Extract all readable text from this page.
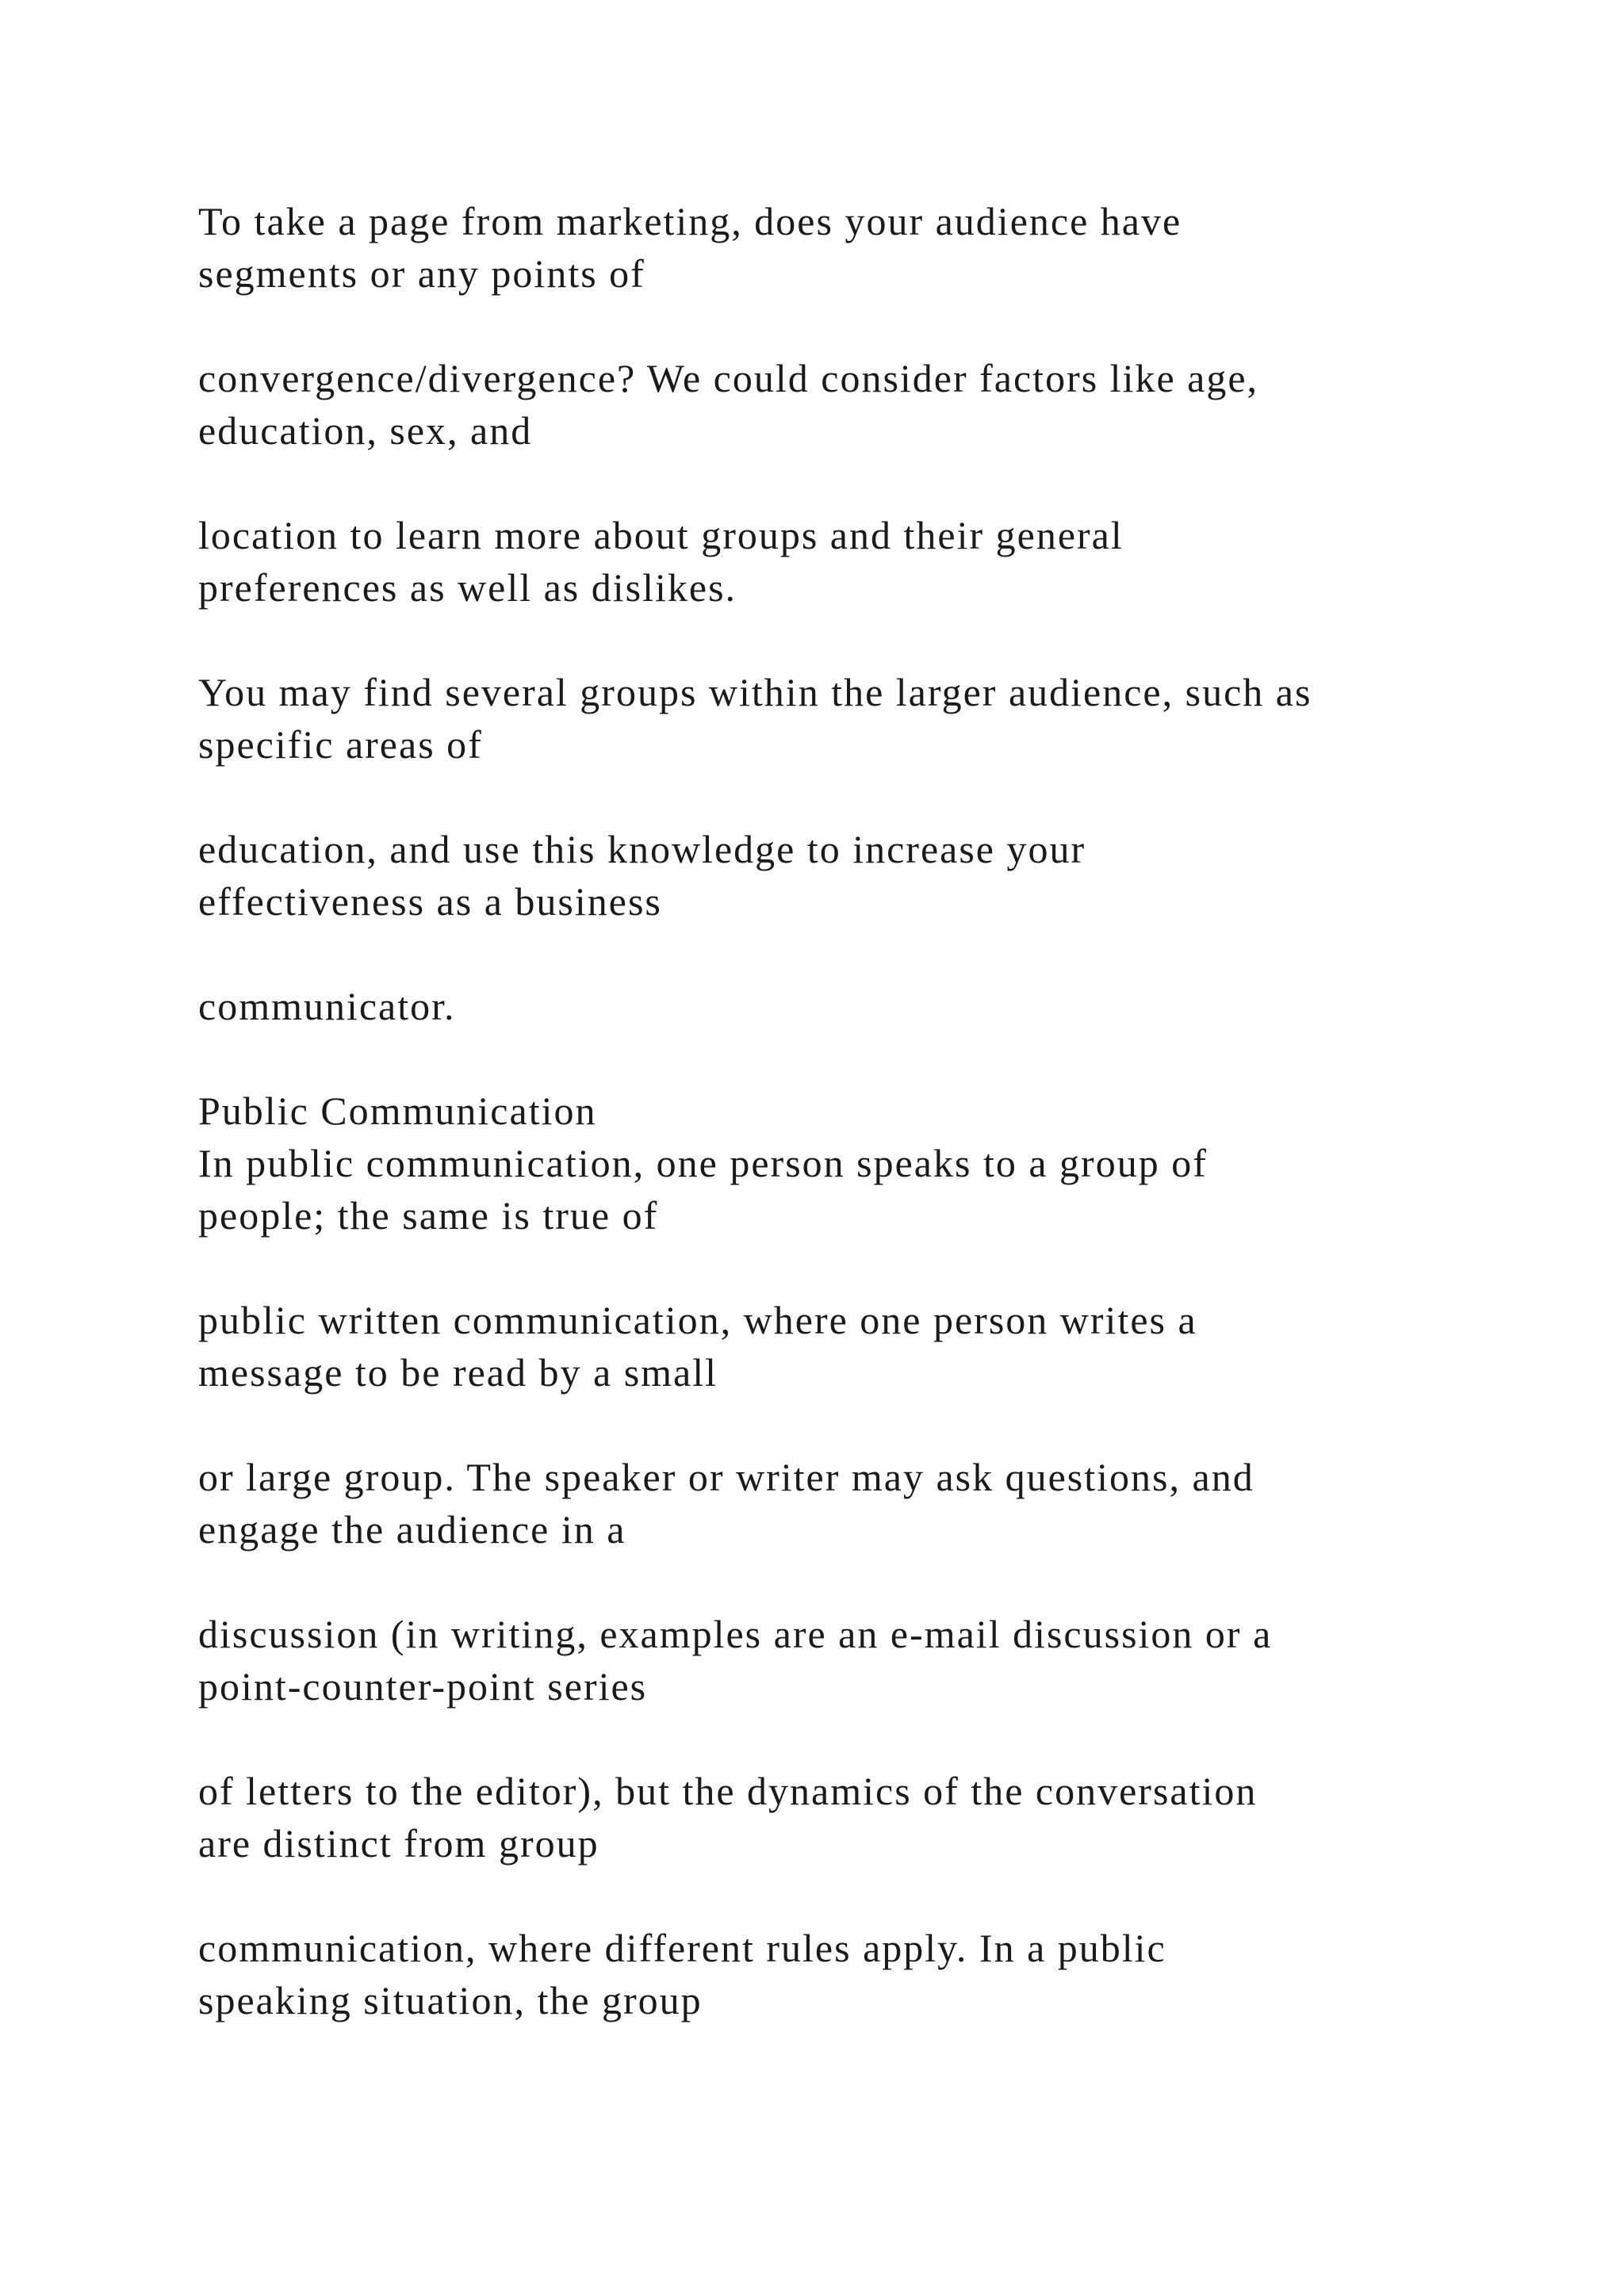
To take a page from marketing, does your audience have
segments or any points of

convergence/divergence? We could consider factors like age,
education, sex, and

location to learn more about groups and their general
preferences as well as dislikes.

You may find several groups within the larger audience, such as
specific areas of

education, and use this knowledge to increase your
effectiveness as a business

communicator.

Public Communication

In public communication, one person speaks to a group of
people; the same is true of

public written communication, where one person writes a
message to be read by a small

or large group. The speaker or writer may ask questions, and
engage the audience in a

discussion (in writing, examples are an e-mail discussion or a
point-counter-point series

of letters to the editor), but the dynamics of the conversation
are distinct from group

communication, where different rules apply. In a public
speaking situation, the group
